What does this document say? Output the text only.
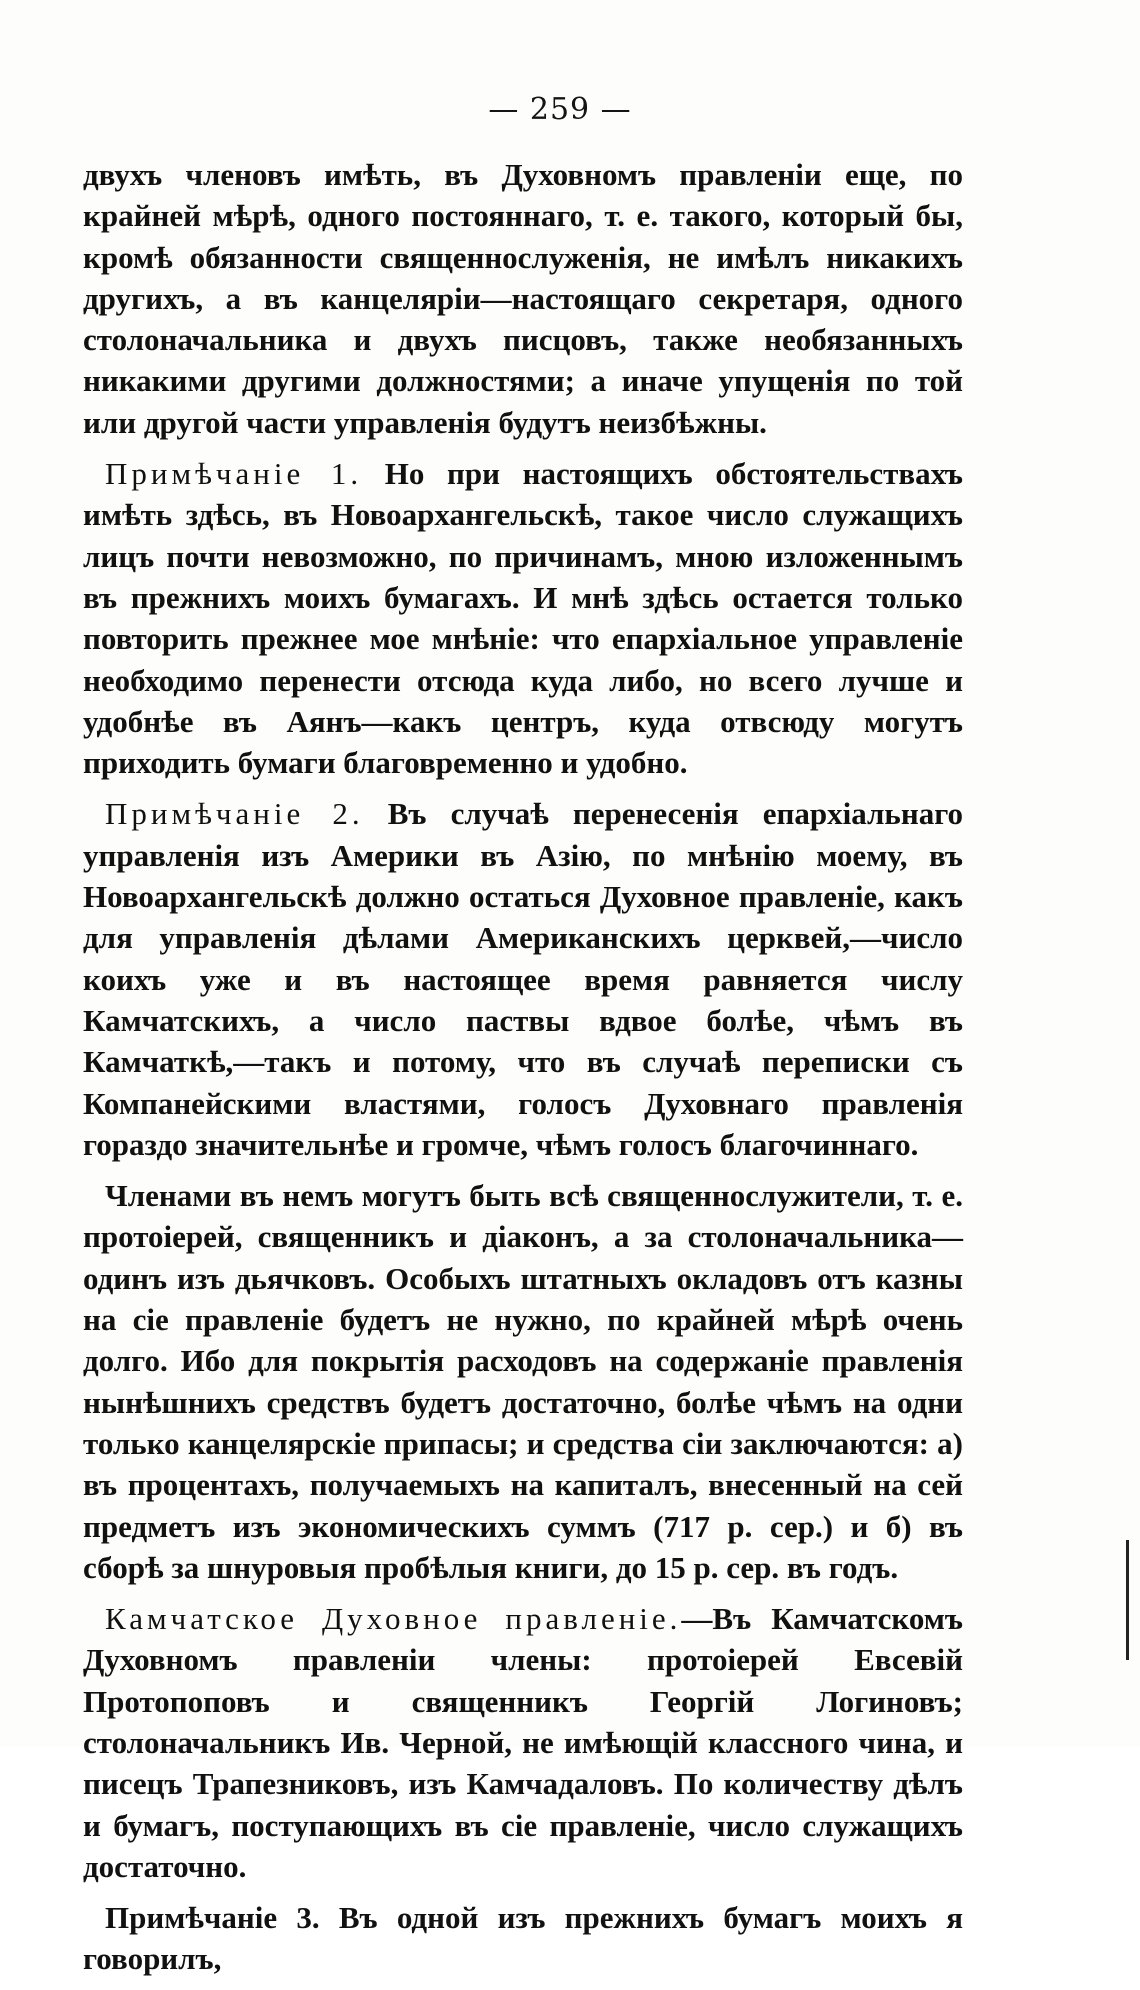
— 259 —

двухъ членовъ имѣть, въ Духовномъ правленіи еще, по крайней мѣрѣ, одного постояннаго, т. е. такого, который бы, кромѣ обязанности священнослуженія, не имѣлъ никакихъ другихъ, а въ канцеляріи—настоящаго секретаря, одного столоначальника и двухъ писцовъ, также необязанныхъ никакими другими должностями; а иначе упущенія по той или другой части управленія будутъ неизбѣжны.

Примѣчаніе 1. Но при настоящихъ обстоятельствахъ имѣть здѣсь, въ Новоархангельскѣ, такое число служащихъ лицъ почти невозможно, по причинамъ, мною изложеннымъ въ прежнихъ моихъ бумагахъ. И мнѣ здѣсь остается только повторить прежнее мое мнѣніе: что епархіальное управленіе необходимо перенести отсюда куда либо, но всего лучше и удобнѣе въ Аянъ—какъ центръ, куда отвсюду могутъ приходить бумаги благовременно и удобно.

Примѣчаніе 2. Въ случаѣ перенесенія епархіальнаго управленія изъ Америки въ Азію, по мнѣнію моему, въ Новоархангельскѣ должно остаться Духовное правленіе, какъ для управленія дѣлами Американскихъ церквей,—число коихъ уже и въ настоящее время равняется числу Камчатскихъ, а число паствы вдвое болѣе, чѣмъ въ Камчаткѣ,—такъ и потому, что въ случаѣ переписки съ Компанейскими властями, голосъ Духовнаго правленія гораздо значительнѣе и громче, чѣмъ голосъ благочиннаго.

Членами въ немъ могутъ быть всѣ священнослужители, т. е. протоіерей, священникъ и діаконъ, а за столоначальника—одинъ изъ дьячковъ. Особыхъ штатныхъ окладовъ отъ казны на сіе правленіе будетъ не нужно, по крайней мѣрѣ очень долго. Ибо для покрытія расходовъ на содержаніе правленія нынѣшнихъ средствъ будетъ достаточно, болѣе чѣмъ на одни только канцелярскіе припасы; и средства сіи заключаются: а) въ процентахъ, получаемыхъ на капиталъ, внесенный на сей предметъ изъ экономическихъ суммъ (717 р. сер.) и б) въ сборѣ за шнуровыя пробѣлыя книги, до 15 р. сер. въ годъ.

Камчатское Духовное правленіе.—Въ Камчатскомъ Духовномъ правленіи члены: протоіерей Евсевій Протопоповъ и священникъ Георгій Логиновъ; столоначальникъ Ив. Черной, не имѣющій классного чина, и писецъ Трапезниковъ, изъ Камчадаловъ. По количеству дѣлъ и бумагъ, поступающихъ въ сіе правленіе, число служащихъ достаточно.

Примѣчаніе 3. Въ одной изъ прежнихъ бумагъ моихъ я говорилъ,
